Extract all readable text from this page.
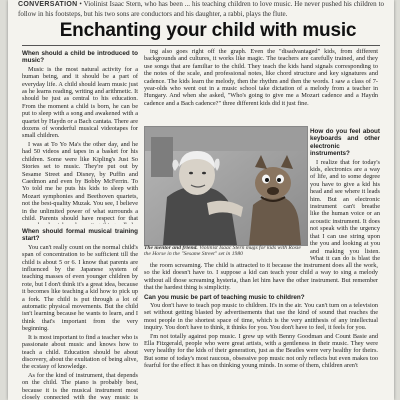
CONVERSATION • Violinist Isaac Stern, who has been ... his teaching children to love music. He never pushed his children to follow in his footsteps, but his two sons are conductors and his daughter, a rabbi, plays the flute.
Enchanting your child with music

When should a child be introduced to music?

Music is the most natural activity for a human being, and it should be a part of everyday life. A child should learn music just as he learns reading, writing and arithmetic. It should be just as central to his education. From the moment a child is born, he can be put to sleep with a song and awakened with a quartet by Haydn or a Bach cantata. There are dozens of wonderful musical videotapes for small children.

I was at To Yo Ma's the other day, and he had 50 videos and tapes in a basket for his children. Some were like Kipling's Just So Stories set to music. They're put out by Sesame Street and Disney, by Puffin and Caedmon and even by Bobby McFerrin. To Yo told me he puts his kids to sleep with Mozart symphonies and Beethoven quartets, not the best-quality Muzak. You see, I believe in the unlimited power of what surrounds a child. Parents should have respect for that

ing also goes right off the graph. Even the "disadvantaged" kids, from different backgrounds and cultures, it works like magic. The teachers are carefully trained, and they use songs that are familiar to the child. They teach the kids hand signals corresponding to the notes of the scale, and professional notes, like chord structure and key signatures and cadence. The kids learn the melody, then the rhythm and then the words. I saw a class of 7-year-olds who went out in a music school take dictation of a melody from a teacher in Hungary. And when she asked, "Who's going to give me a Mozart cadence and a Haydn cadence and a Bach cadence?" three different kids did it just fine.

The mentor and friend. Violinist Isaac Stern mugs for kids with Rosie the Horse in the "Sesame Street" set in 1980

How do you feel about keyboards and other electronic instruments?

I realize that for today's kids, electronics are a way of life, and to some degree you have to give a kid his head and see where it leads him. But an electronic instrument can't breathe like the human voice or an acoustic instrument. It does not speak with the urgency that I can use string upon the you and looking at you and making you listen. What it can do is blast the

When should formal musical training start?

You can't really count on the normal child's span of concentration to be sufficient till the child is about 5 or 6. I know that parents are influenced by the Japanese system of teaching masses of even younger children by rote, but I don't think it's a great idea, because it becomes like teaching a kid how to pick up a fork. The child is put through a lot of automatic physical movements. But the child isn't learning because he wants to learn, and I think that's important from the very beginning.

It is most important to find a teacher who is passionate about music and knows how to teach a child. Education should be about discovery, about the exultation of being alive, the ecstasy of knowledge.

As for the kind of instrument, that depends on the child. The piano is probably best, because it is the musical instrument most closely connected with the way music is

the room screaming. The child is attracted to it because the instrument does all the work, so the kid doesn't have to. I suppose a kid can teach your child a way to sing a melody without all those screaming hysteria, than let him have the other instrument. But remember that the hardest thing is simplicity.

Can you music be part of teaching music to children?

You don't have to teach pop music to children. It's in the air. You can't turn on a television set without getting blasted by advertisements that use the kind of sound that reaches the most people in the shortest space of time, which is the very antithesis of any intellectual inquiry. You don't have to think, it thinks for you. You don't have to feel, it feels for you.

I'm not totally against pop music. I grew up with Benny Goodman and Count Basie and Ella Fitzgerald, people who were great artists, with a gentleness in their music. They were very healthy for the kids of their generation, just as the Beatles were very healthy for theirs. But some of today's most raucous, obsessive pop music not only reflects but even makes too fearful for the effect it has on thinking young minds. In some of them, children aren't
